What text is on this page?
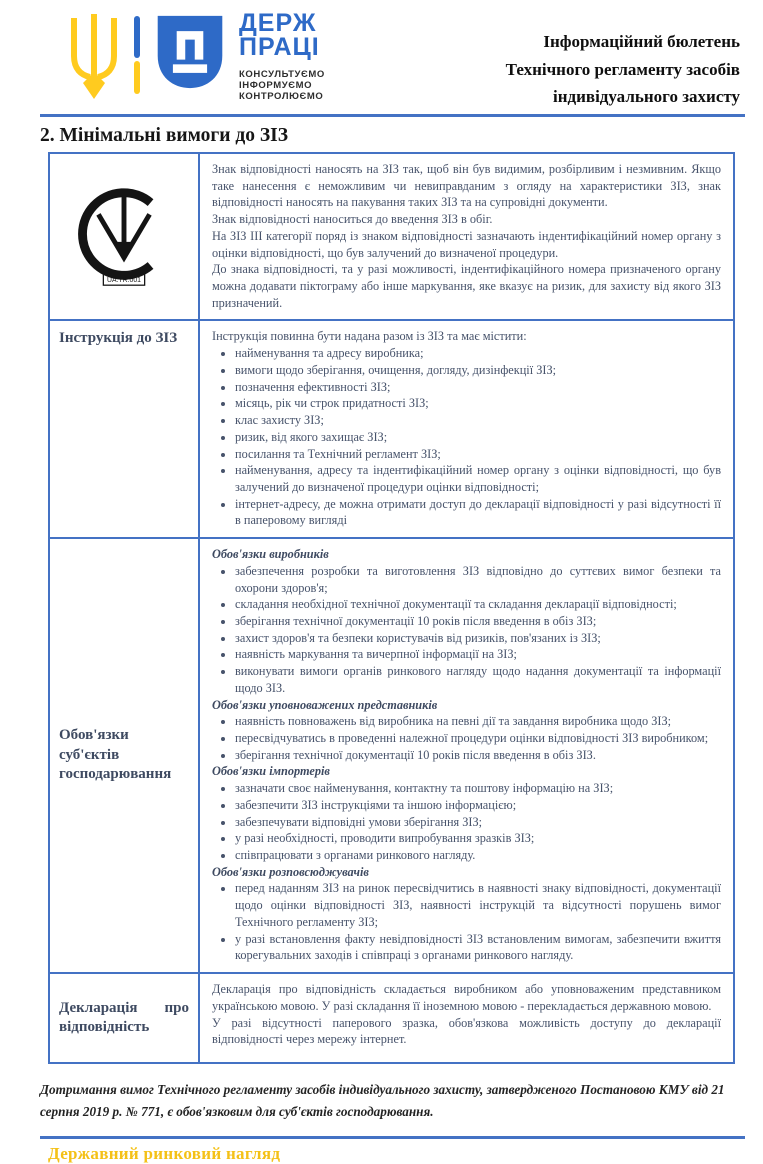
ДЕРЖ
ПРАЦІ
КОНСУЛЬТУЄМО
ІНФОРМУЄМО
КОНТРОЛЮЄМО
Інформаційний бюлетень
Технічного регламенту засобів
індивідуального захисту
2. Мінімальні вимоги до ЗІЗ
UA.TR.001

Знак відповідності наносять на ЗІЗ так, щоб він був видимим, розбірливим і незмивним. Якщо таке нанесення є неможливим чи невиправданим з огляду на характеристики ЗІЗ, знак відповідності наносять на пакування таких ЗІЗ та на супровідні документи.

Знак відповідності наноситься до введення ЗІЗ в обіг.

На ЗІЗ ІІІ категорії поряд із знаком відповідності зазначають індентифікаційний номер органу з оцінки відповідності, що був залучений до визначеної процедури.

До знака відповідності, та у разі можливості, індентифікаційного номера призначеного органу можна додавати піктограму або інше маркування, яке вказує на ризик, для захисту від якого ЗІЗ призначений.

Інструкція до ЗІЗ	Інструкція повинна бути надана разом із ЗІЗ та має містити:

• найменування та адресу виробника;
• вимоги щодо зберігання, очищення, догляду, дизінфекції ЗІЗ;
• позначення ефективності ЗІЗ;
• місяць, рік чи строк придатності ЗІЗ;
• клас захисту ЗІЗ;
• ризик, від якого захищає ЗІЗ;
• посилання та Технічний регламент ЗІЗ;
• найменування, адресу та індентифікаційний номер органу з оцінки відповідності, що був залучений до визначеної процедури оцінки відповідності;
• інтернет-адресу, де можна отримати доступ до декларації відповідності у разі відсутності її в паперовому вигляді
Обов'язки суб'єктів господарювання
Обов'язки виробників
• забезпечення розробки та виготовлення ЗІЗ відповідно до суттєвих вимог безпеки та охорони здоров'я;
• складання необхідної технічної документації та складання декларації відповідності;
• зберігання технічної документації 10 років після введення в обіз ЗІЗ;
• захист здоров'я та безпеки користувачів від ризиків, пов'язаних із ЗІЗ;
• наявність маркування та вичерпної інформації на ЗІЗ;
• виконувати вимоги органів ринкового нагляду щодо надання документації та інформації щодо ЗІЗ.
Обов'язки уповноважених представників
• наявність повноважень від виробника на певні дії та завдання виробника щодо ЗІЗ;
• пересвідчуватись в проведенні належної процедури оцінки відповідності ЗІЗ виробником;
• зберігання технічної документації 10 років після введення в обіз ЗІЗ.
Обов'язки імпортерів
• зазначати своє найменування, контактну та поштову інформацію на ЗІЗ;
• забезпечити ЗІЗ інструкціями та іншою інформацією;
• забезпечувати відповідні умови зберігання ЗІЗ;
• у разі необхідності, проводити випробування зразків ЗІЗ;
• співпрацювати з органами ринкового нагляду.
Обов'язки розповсюджувачів
• перед наданням ЗІЗ на ринок пересвідчитись в наявності знаку відповідності, документації щодо оцінки відповідності ЗІЗ, наявності інструкцій та відсутності порушень вимог Технічного регламенту ЗІЗ;
• у разі встановлення факту невідповідності ЗІЗ встановленим вимогам, забезпечити вжиття корегувальних заходів і співпраці з органами ринкового нагляду.
Декларація про відповідність

Декларація про відповідність складається виробником або уповноваженим представником українською мовою. У разі складання її іноземною мовою - перекладається державною мовою.

У разі відсутності паперового зразка, обов'язкова можливість доступу до декларації відповідності через мережу інтернет.

Дотримання вимог Технічного регламенту засобів індивідуального захисту, затвердженого Постановою КМУ від 21 серпня 2019 р. № 771, є обов'язковим для суб'єктів господарювання.
Державний ринковий нагляд
